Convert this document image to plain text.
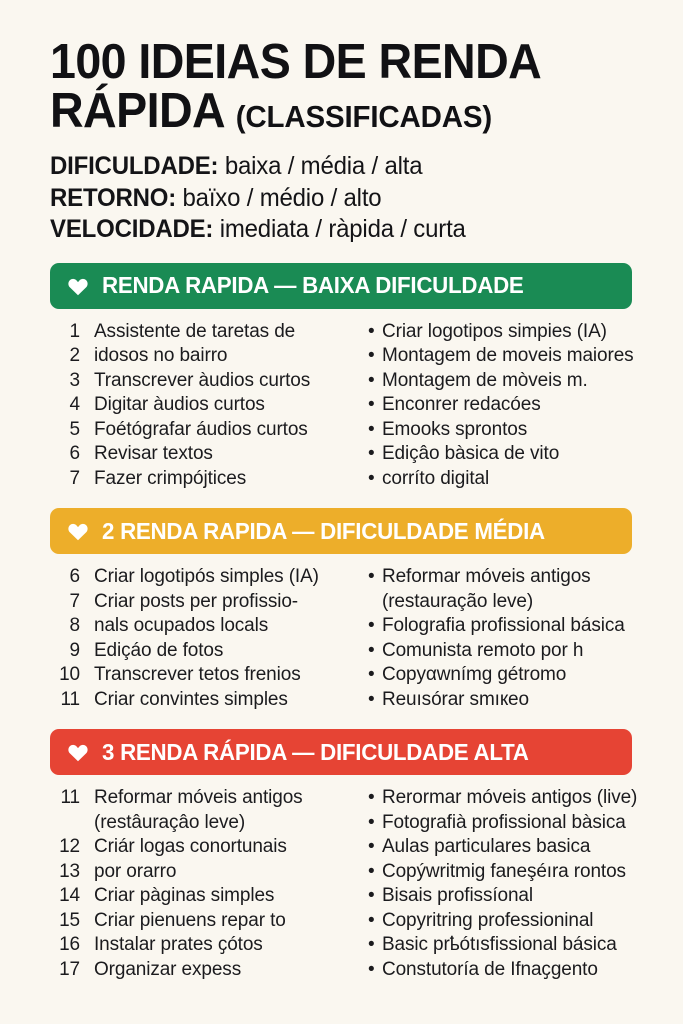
100 IDEIAS DE RENDA
RÁPIDA (CLASSIFICADAS)
DIFICULDADE: baixa / média / alta
RETORNO: baïxo / médio / alto
VELOCIDADE: imediata / ràpida / curta
RENDA RAPIDA — BAIXA DIFICULDADE
1 Assistente de taretas de
2 idosos no bairro
3 Transcrever àudios curtos
4 Digitar àudios curtos
5 Foétógrafar áudios curtos
6 Revisar textos
7 Fazer crimpójtices
• Criar logotipos simpies (IA)
• Montagem de moveis maiores
• Montagem de mòveis m.
• Enconrer redacóes
• Emooks sprontos
• Ediçâo bàsica de vito
• corríto digital
2 RENDA RAPIDA — DIFICULDADE MÉDIA
6 Criar logotipós simples (IA)
7 Criar posts per profissio-
8 nals ocupados locals
9 Ediçáo de fotos
10 Transcrever tetos frenios
11 Criar convintes simples
• Reformar móveis antigos
(restauração leve)
• Folografia profissional básica
• Comunista remoto por h
• Copyαwnímg gétromo
• Reuısórar smıкeo
3 RENDA RÁPIDA — DIFICULDADE ALTA
11 Reformar móveis antigos
(restâuraçâo leve)
12 Criár logas conortunais
13 por orarro
14 Criar pàginas simples
15 Criar pienuens repar to
16 Instalar prates ҫótos
17 Organizar expess
• Rerormar móveis antigos (live)
• Fotografià profissional bàsica
• Aulas particulares basica
• Copýwritmig faneşéıra rontos
• Bisais profissíonal
• Copyritring professioninal
• Basic prҍótısfissional básica
• Constutoría de Ifnaҫgento
